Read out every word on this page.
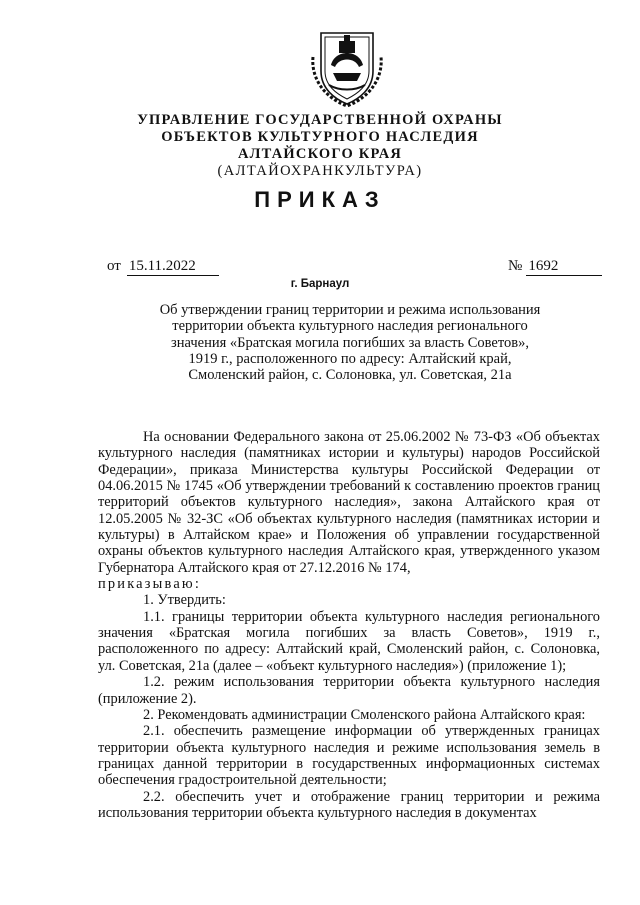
УПРАВЛЕНИЕ ГОСУДАРСТВЕННОЙ ОХРАНЫ
ОБЪЕКТОВ КУЛЬТУРНОГО НАСЛЕДИЯ
АЛТАЙСКОГО КРАЯ
(АЛТАЙОХРАНКУЛЬТУРА)
ПРИКАЗ
от 15.11.2022	№ 1692
г. Барнаул
Об утверждении границ территории и режима использования
территории объекта культурного наследия регионального
значения «Братская могила погибших за власть Советов»,
1919 г., расположенного по адресу: Алтайский край,
Смоленский район, с. Солоновка, ул. Советская, 21а

На основании Федерального закона от 25.06.2002 № 73-ФЗ «Об объектах культурного наследия (памятниках истории и культуры) народов Российской Федерации», приказа Министерства культуры Российской Федерации от 04.06.2015 № 1745 «Об утверждении требований к составлению проектов границ территорий объектов культурного наследия», закона Алтайского края от 12.05.2005 № 32-ЗС «Об объектах культурного наследия (памятниках истории и культуры) в Алтайском крае» и Положения об управлении государственной охраны объектов культурного наследия Алтайского края, утвержденного указом Губернатора Алтайского края от 27.12.2016 № 174,

приказываю:

1. Утвердить:

1.1. границы территории объекта культурного наследия регионального значения «Братская могила погибших за власть Советов», 1919 г., расположенного по адресу: Алтайский край, Смоленский район, с. Солоновка, ул. Советская, 21а (далее – «объект культурного наследия») (приложение 1);

1.2. режим использования территории объекта культурного наследия (приложение 2).

2. Рекомендовать администрации Смоленского района Алтайского края:

2.1. обеспечить размещение информации об утвержденных границах территории объекта культурного наследия и режиме использования земель в границах данной территории в государственных информационных системах обеспечения градостроительной деятельности;

2.2. обеспечить учет и отображение границ территории и режима использования территории объекта культурного наследия в документах
